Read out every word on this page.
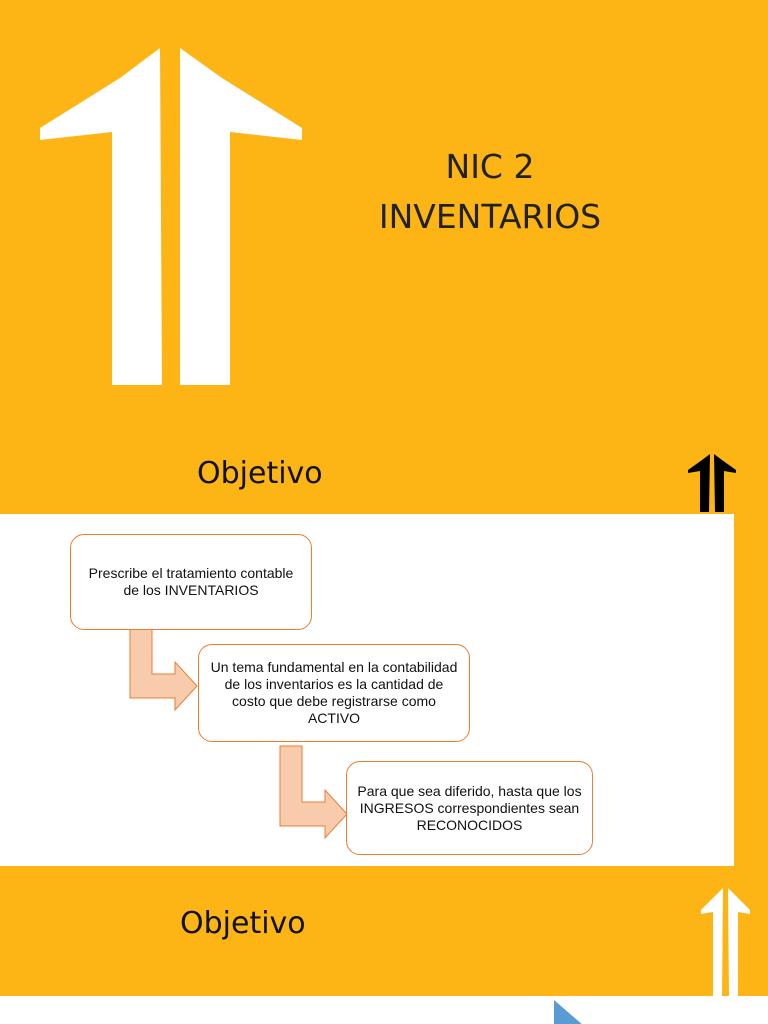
NIC 2
INVENTARIOS
Objetivo
Prescribe el tratamiento contable de los INVENTARIOS
Un tema fundamental en la contabilidad de los inventarios es la cantidad de costo que debe registrarse como ACTIVO
Para que sea diferido, hasta que los INGRESOS correspondientes sean RECONOCIDOS
Objetivo
